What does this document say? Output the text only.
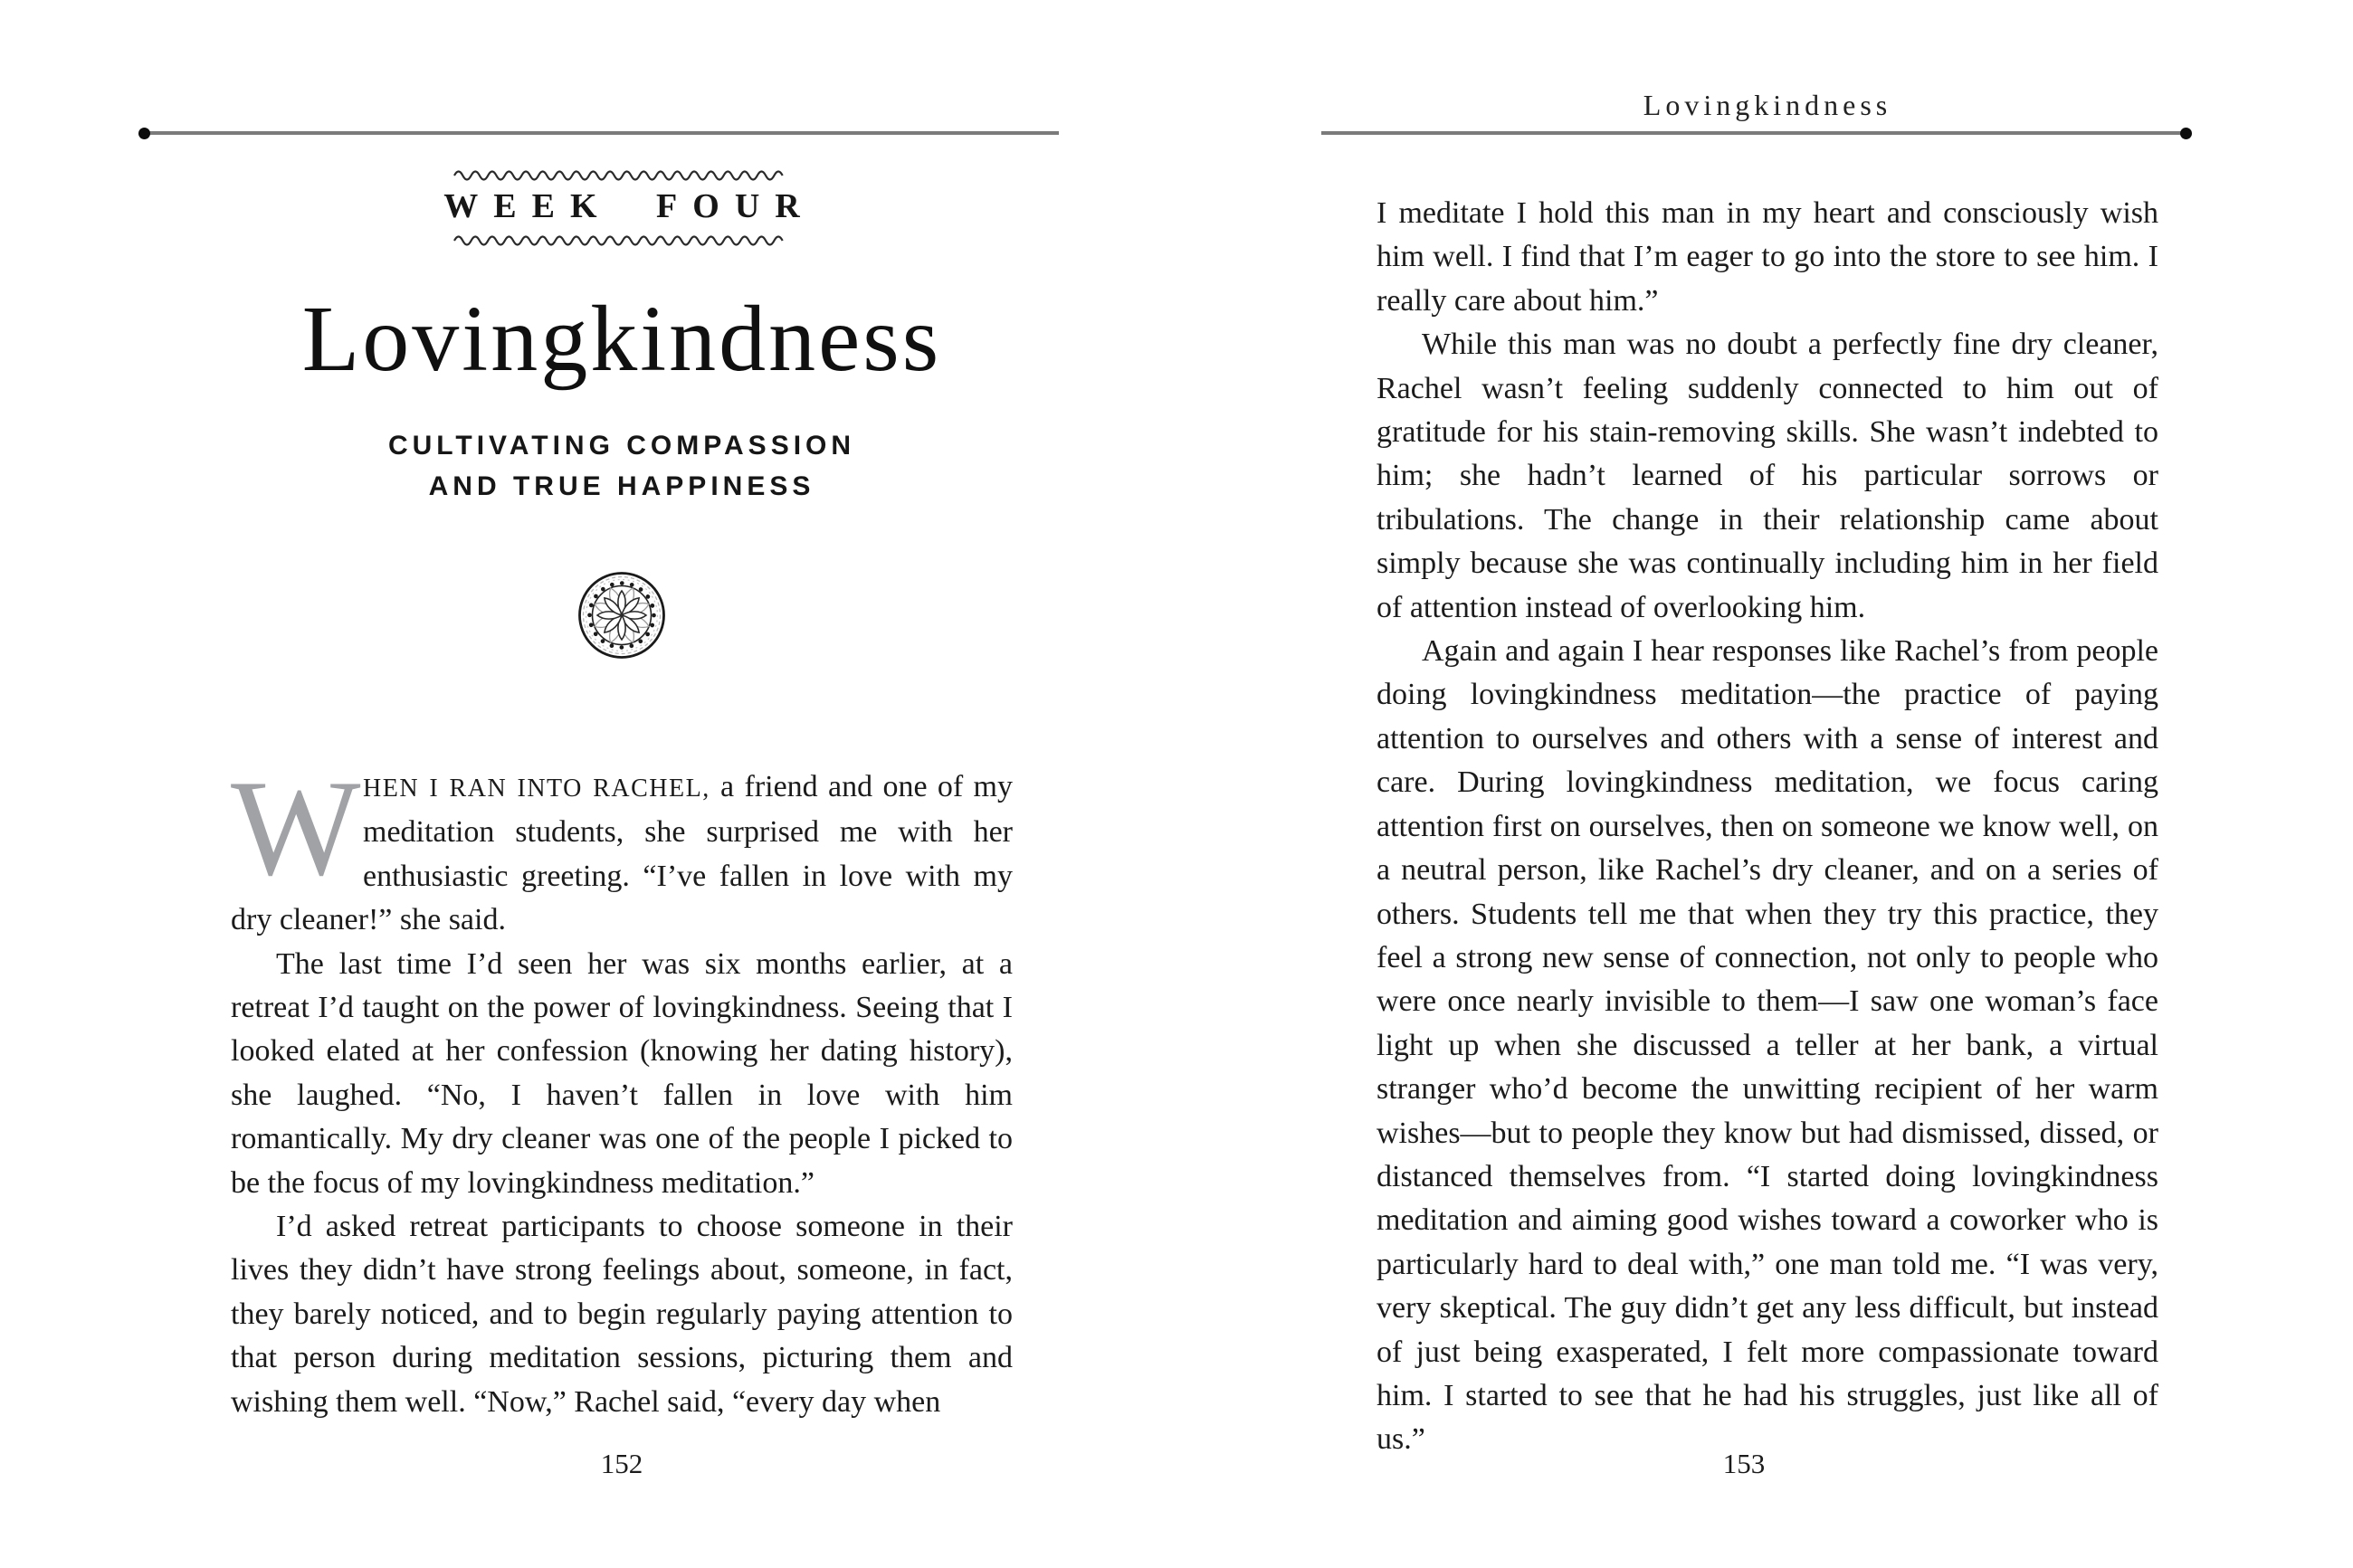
WEEK FOUR
Lovingkindness
CULTIVATING COMPASSION
AND TRUE HAPPINESS

WHEN I RAN INTO RACHEL, a friend and one of my meditation students, she surprised me with her enthusiastic greeting. “I’ve fallen in love with my dry cleaner!” she said.

The last time I’d seen her was six months earlier, at a retreat I’d taught on the power of lovingkindness. Seeing that I looked elated at her confession (knowing her dating history), she laughed. “No, I haven’t fallen in love with him romantically. My dry cleaner was one of the people I picked to be the focus of my lovingkindness meditation.”

I’d asked retreat participants to choose someone in their lives they didn’t have strong feelings about, someone, in fact, they barely noticed, and to begin regularly paying attention to that person during meditation sessions, picturing them and wishing them well. “Now,” Rachel said, “every day when

152
Lovingkindness

I meditate I hold this man in my heart and consciously wish him well. I find that I’m eager to go into the store to see him. I really care about him.”

While this man was no doubt a perfectly fine dry cleaner, Rachel wasn’t feeling suddenly connected to him out of gratitude for his stain-removing skills. She wasn’t indebted to him; she hadn’t learned of his particular sorrows or tribulations. The change in their relationship came about simply because she was continually including him in her field of attention instead of overlooking him.

Again and again I hear responses like Rachel’s from people doing lovingkindness meditation—the practice of paying attention to ourselves and others with a sense of interest and care. During lovingkindness meditation, we focus caring attention first on ourselves, then on someone we know well, on a neutral person, like Rachel’s dry cleaner, and on a series of others. Students tell me that when they try this practice, they feel a strong new sense of connection, not only to people who were once nearly invisible to them—I saw one woman’s face light up when she discussed a teller at her bank, a virtual stranger who’d become the unwitting recipient of her warm wishes—but to people they know but had dismissed, dissed, or distanced themselves from. “I started doing lovingkindness meditation and aiming good wishes toward a coworker who is particularly hard to deal with,” one man told me. “I was very, very skeptical. The guy didn’t get any less difficult, but instead of just being exasperated, I felt more compassionate toward him. I started to see that he had his struggles, just like all of us.”

153
